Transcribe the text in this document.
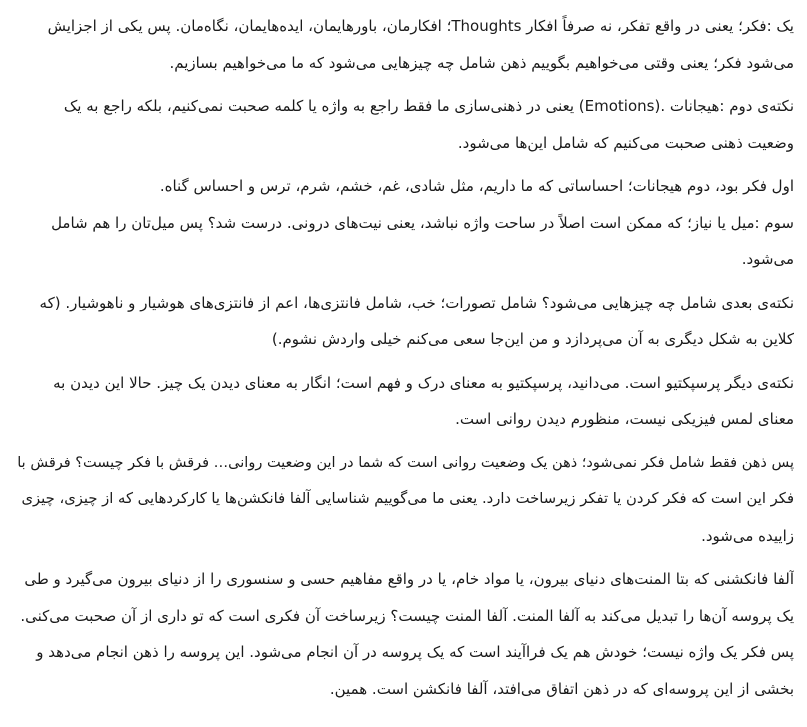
یک :فکر؛ یعنی در واقع تفکر، نه صرفاً افکار Thoughts؛ افکارمان، باورهایمان، ایده‌هایمان، نگاه‌مان. پس یکی از اجزایش
می‌شود فکر؛ یعنی وقتی می‌خواهیم بگوییم ذهن شامل چه چیزهایی می‌شود که ما می‌خواهیم بسازیم.
نکته‌ی دوم :هیجانات .(Emotions) یعنی در ذهنی‌سازی ما فقط راجع به واژه یا کلمه صحبت نمی‌کنیم، بلکه راجع به یک
وضعیت ذهنی صحبت می‌کنیم که شامل این‌ها می‌شود.
اول فکر بود، دوم هیجانات؛ احساساتی که ما داریم، مثل شادی، غم، خشم، شرم، ترس و احساس گناه.
سوم :میل یا نیاز؛ که ممکن است اصلاً در ساحت واژه نباشد، یعنی نیت‌های درونی. درست شد؟ پس میل‌تان را هم شامل
می‌شود.
نکته‌ی بعدی شامل چه چیزهایی می‌شود؟ شامل تصورات؛ خب، شامل فانتزی‌ها، اعم از فانتزی‌های هوشیار و ناهوشیار. (که
کلاین به شکل دیگری به آن می‌پردازد و من این‌جا سعی می‌کنم خیلی واردش نشوم.)
نکته‌ی دیگر پرسپکتیو است. می‌دانید، پرسپکتیو به معنای درک و فهم است؛ انگار به معنای دیدن یک چیز. حالا این دیدن به
معنای لمس فیزیکی نیست، منظورم دیدن روانی است.
پس ذهن فقط شامل فکر نمی‌شود؛ ذهن یک وضعیت روانی است که شما در این وضعیت روانی… فرقش با فکر چیست؟ فرقش با
فکر این است که فکر کردن یا تفکر زیرساخت دارد. یعنی ما می‌گوییم شناسایی آلفا فانکشن‌ها یا کارکردهایی که از چیزی، چیزی
زاییده می‌شود.
آلفا فانکشنی که بتا المنت‌های دنیای بیرون، یا مواد خام، یا در واقع مفاهیم حسی و سنسوری را از دنیای بیرون می‌گیرد و طی
یک پروسه آن‌ها را تبدیل می‌کند به آلفا المنت. آلفا المنت چیست؟ زیرساخت آن فکری است که تو داری از آن صحبت می‌کنی.
پس فکر یک واژه نیست؛ خودش هم یک فراآیند است که یک پروسه در آن انجام می‌شود. این پروسه را ذهن انجام می‌دهد و
بخشی از این پروسه‌ای که در ذهن اتفاق می‌افتد، آلفا فانکشن است. همین.
